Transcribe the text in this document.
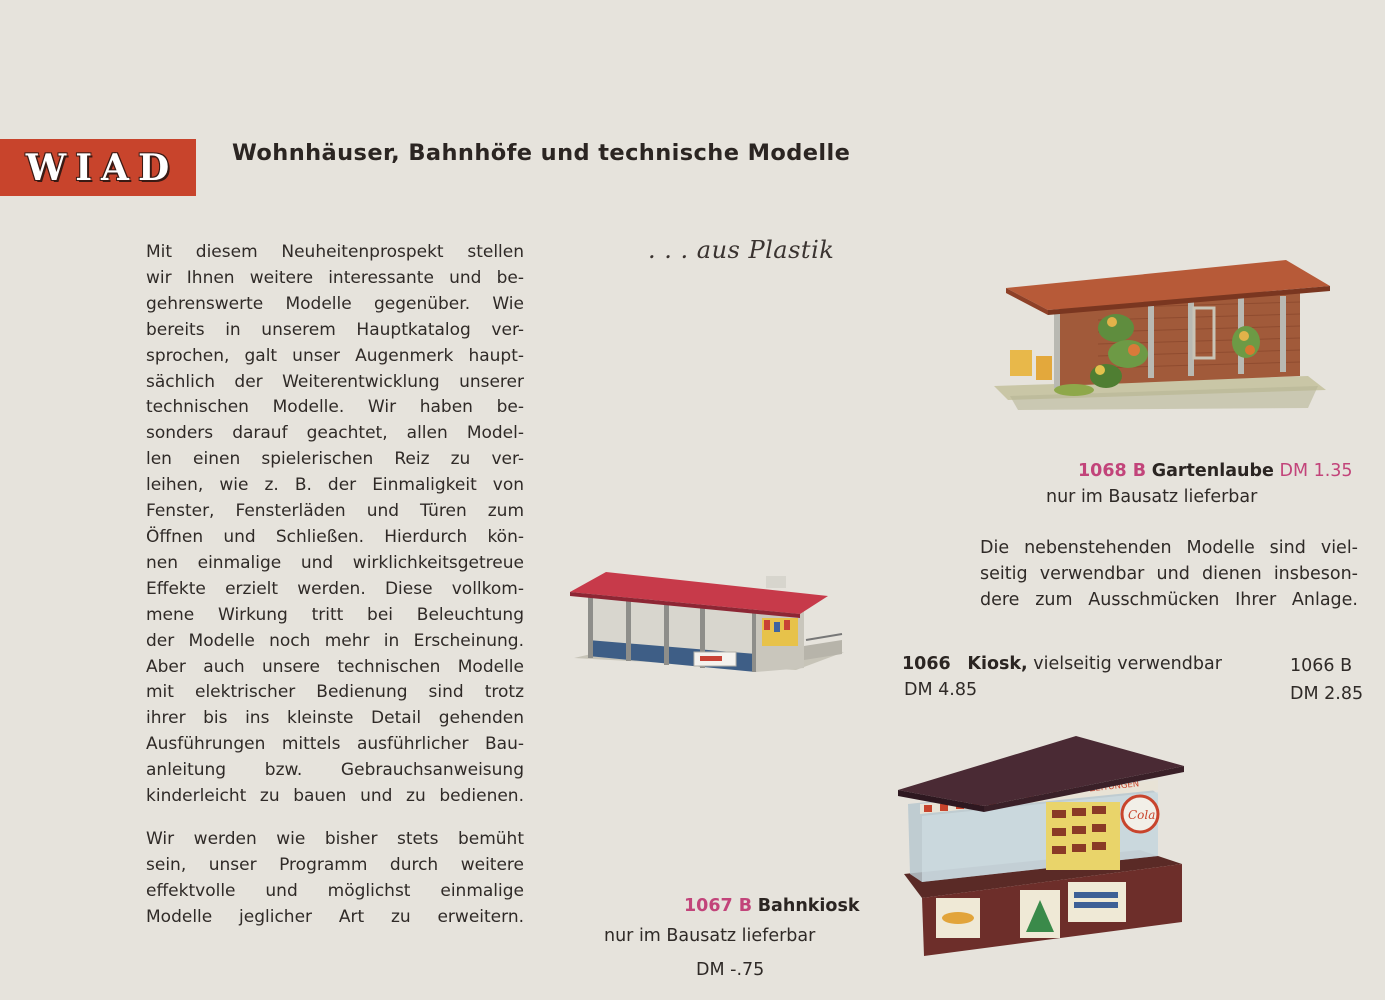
WIAD Wohnhäuser, Bahnhöfe und technische Modelle
. . . aus Plastik
Mit diesem Neuheitenprospekt stellen
wir Ihnen weitere interessante und be-
gehrenswerte Modelle gegenüber. Wie
bereits in unserem Hauptkatalog ver-
sprochen, galt unser Augenmerk haupt-
sächlich der Weiterentwicklung unserer
technischen Modelle. Wir haben be-
sonders darauf geachtet, allen Model-
len einen spielerischen Reiz zu ver-
leihen, wie z. B. der Einmaligkeit von
Fenster, Fensterläden und Türen zum
Öffnen und Schließen. Hierdurch kön-
nen einmalige und wirklichkeitsgetreue
Effekte erzielt werden. Diese vollkom-
mene Wirkung tritt bei Beleuchtung
der Modelle noch mehr in Erscheinung.
Aber auch unsere technischen Modelle
mit elektrischer Bedienung sind trotz
ihrer bis ins kleinste Detail gehenden
Ausführungen mittels ausführlicher Bau-
anleitung bzw. Gebrauchsanweisung
kinderleicht zu bauen und zu bedienen.
Wir werden wie bisher stets bemüht
sein, unser Programm durch weitere
effektvolle und möglichst einmalige
Modelle jeglicher Art zu erweitern.
1068 B Gartenlaube DM 1.35
nur im Bausatz lieferbar
Die nebenstehenden Modelle sind viel-
seitig verwendbar und dienen insbeson-
dere zum Ausschmücken Ihrer Anlage.
1066 Kiosk, vielseitig verwendbar
DM 4.85
1066 B
DM 2.85
1067 B Bahnkiosk
nur im Bausatz lieferbar
DM -.75
Cola
